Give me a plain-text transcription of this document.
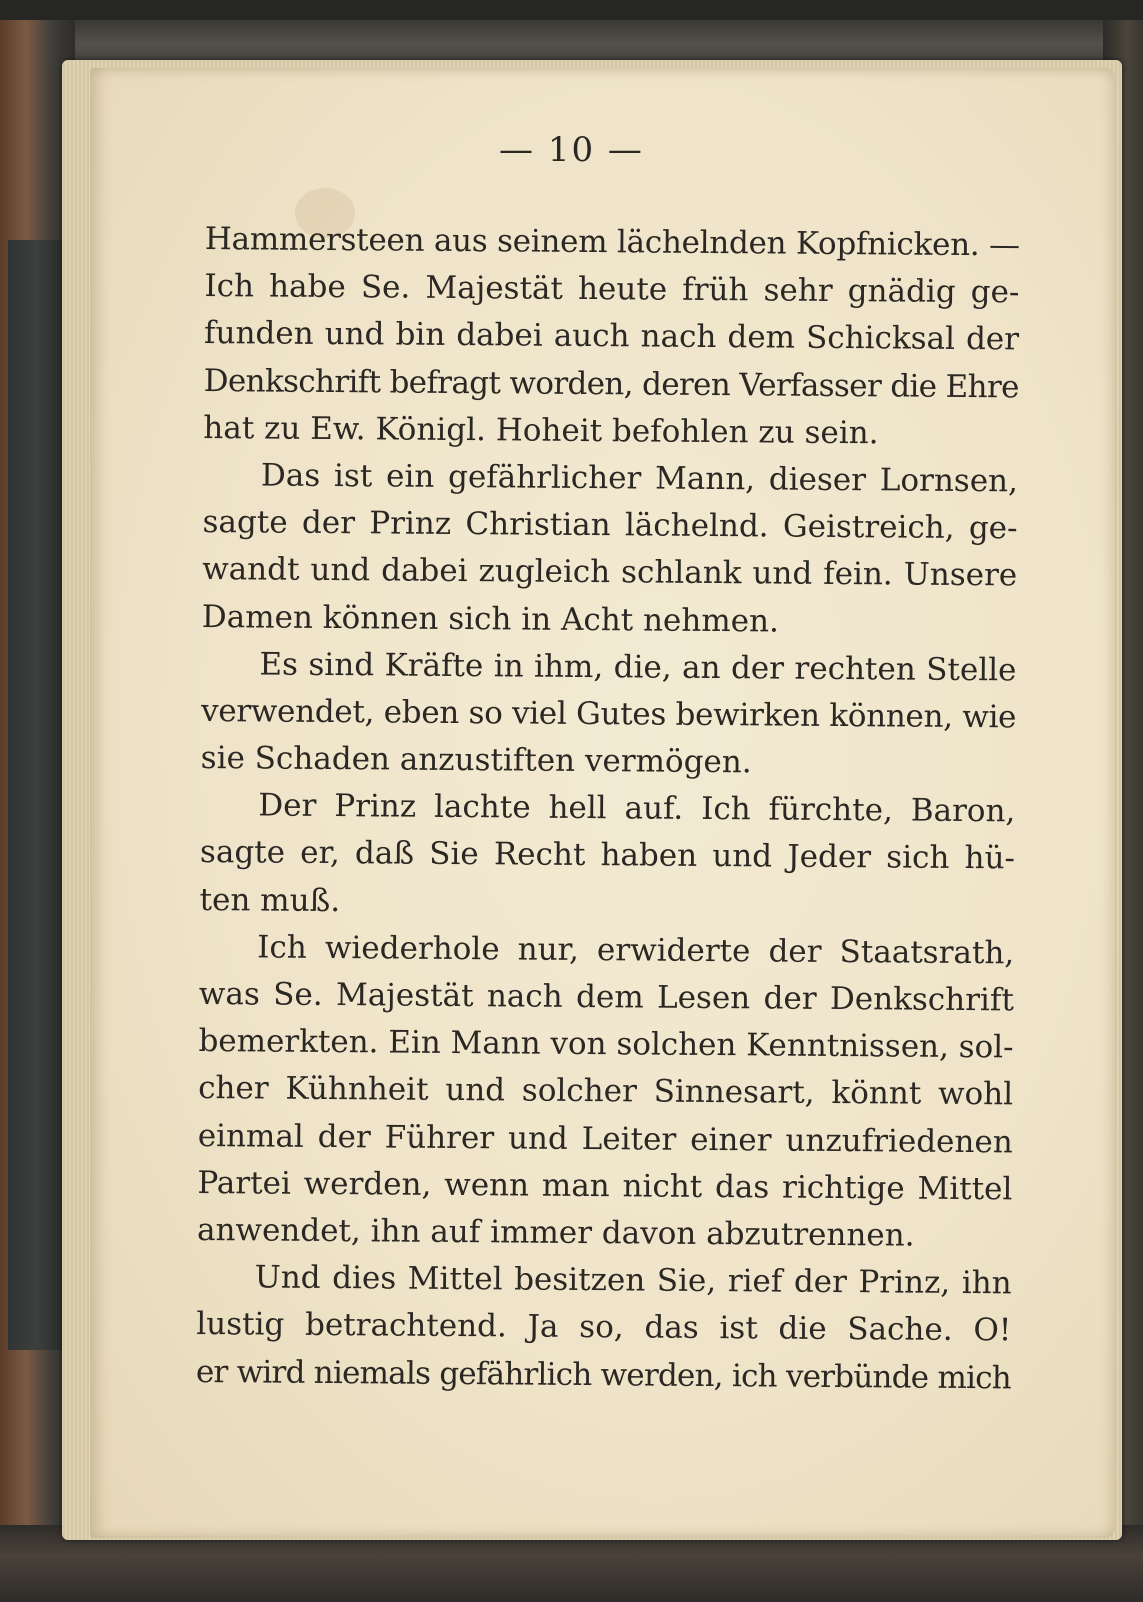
— 10 —
Hammersteen aus seinem lächelnden Kopfnicken. —
Ich habe Se. Majestät heute früh sehr gnädig ge-
funden und bin dabei auch nach dem Schicksal der
Denkschrift befragt worden, deren Verfasser die Ehre
hat zu Ew. Königl. Hoheit befohlen zu sein.
Das ist ein gefährlicher Mann, dieser Lornsen,
sagte der Prinz Christian lächelnd. Geistreich, ge-
wandt und dabei zugleich schlank und fein. Unsere
Damen können sich in Acht nehmen.
Es sind Kräfte in ihm, die, an der rechten Stelle
verwendet, eben so viel Gutes bewirken können, wie
sie Schaden anzustiften vermögen.
Der Prinz lachte hell auf. Ich fürchte, Baron,
sagte er, daß Sie Recht haben und Jeder sich hü-
ten muß.
Ich wiederhole nur, erwiderte der Staatsrath,
was Se. Majestät nach dem Lesen der Denkschrift
bemerkten. Ein Mann von solchen Kenntnissen, sol-
cher Kühnheit und solcher Sinnesart, könnt wohl
einmal der Führer und Leiter einer unzufriedenen
Partei werden, wenn man nicht das richtige Mittel
anwendet, ihn auf immer davon abzutrennen.
Und dies Mittel besitzen Sie, rief der Prinz, ihn
lustig betrachtend. Ja so, das ist die Sache. O!
er wird niemals gefährlich werden, ich verbünde mich
